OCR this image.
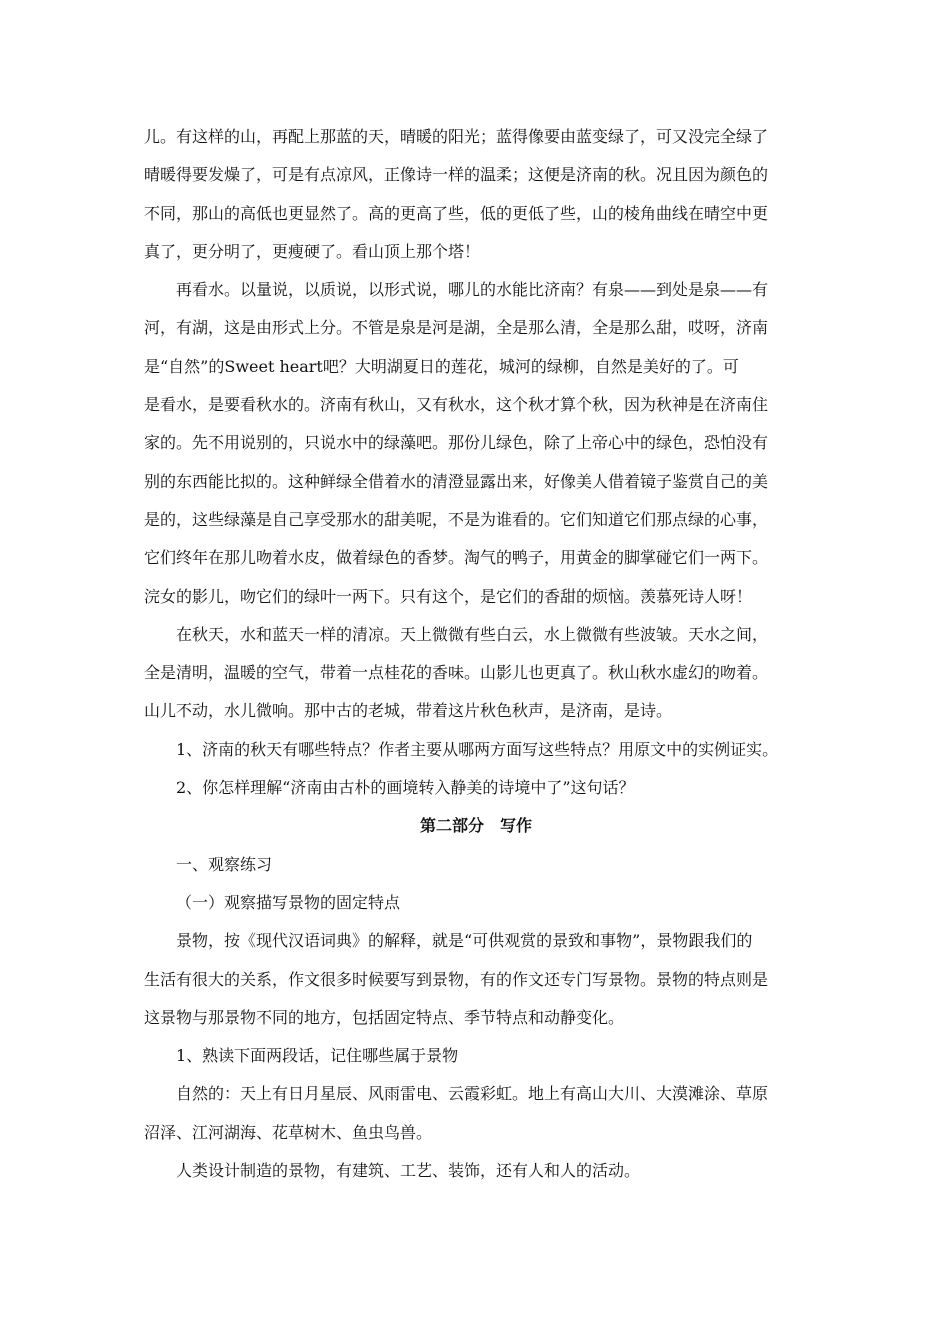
儿。有这样的山，再配上那蓝的天，晴暖的阳光；蓝得像要由蓝变绿了，可又没完全绿了
晴暖得要发燥了，可是有点凉风，正像诗一样的温柔；这便是济南的秋。况且因为颜色的
不同，那山的高低也更显然了。高的更高了些，低的更低了些，山的棱角曲线在晴空中更
真了，更分明了，更瘦硬了。看山顶上那个塔！
再看水。以量说，以质说，以形式说，哪儿的水能比济南？有泉——到处是泉——有
河，有湖，这是由形式上分。不管是泉是河是湖，全是那么清，全是那么甜，哎呀，济南
是“自然”的Sweet heart吧？大明湖夏日的莲花，城河的绿柳，自然是美好的了。可
是看水，是要看秋水的。济南有秋山，又有秋水，这个秋才算个秋，因为秋神是在济南住
家的。先不用说别的，只说水中的绿藻吧。那份儿绿色，除了上帝心中的绿色，恐怕没有
别的东西能比拟的。这种鲜绿全借着水的清澄显露出来，好像美人借着镜子鉴赏自己的美
是的，这些绿藻是自己享受那水的甜美呢，不是为谁看的。它们知道它们那点绿的心事，
它们终年在那儿吻着水皮，做着绿色的香梦。淘气的鸭子，用黄金的脚掌碰它们一两下。
浣女的影儿，吻它们的绿叶一两下。只有这个，是它们的香甜的烦恼。羡慕死诗人呀！
在秋天，水和蓝天一样的清凉。天上微微有些白云，水上微微有些波皱。天水之间，
全是清明，温暖的空气，带着一点桂花的香味。山影儿也更真了。秋山秋水虚幻的吻着。
山儿不动，水儿微响。那中古的老城，带着这片秋色秋声，是济南，是诗。
1、济南的秋天有哪些特点？作者主要从哪两方面写这些特点？用原文中的实例证实。
2、你怎样理解“济南由古朴的画境转入静美的诗境中了”这句话？
第二部分　写作
一、观察练习
（一）观察描写景物的固定特点
景物，按《现代汉语词典》的解释，就是“可供观赏的景致和事物”，景物跟我们的
生活有很大的关系，作文很多时候要写到景物，有的作文还专门写景物。景物的特点则是
这景物与那景物不同的地方，包括固定特点、季节特点和动静变化。
1、熟读下面两段话，记住哪些属于景物
自然的：天上有日月星辰、风雨雷电、云霞彩虹。地上有高山大川、大漠滩涂、草原
沼泽、江河湖海、花草树木、鱼虫鸟兽。
人类设计制造的景物，有建筑、工艺、装饰，还有人和人的活动。
